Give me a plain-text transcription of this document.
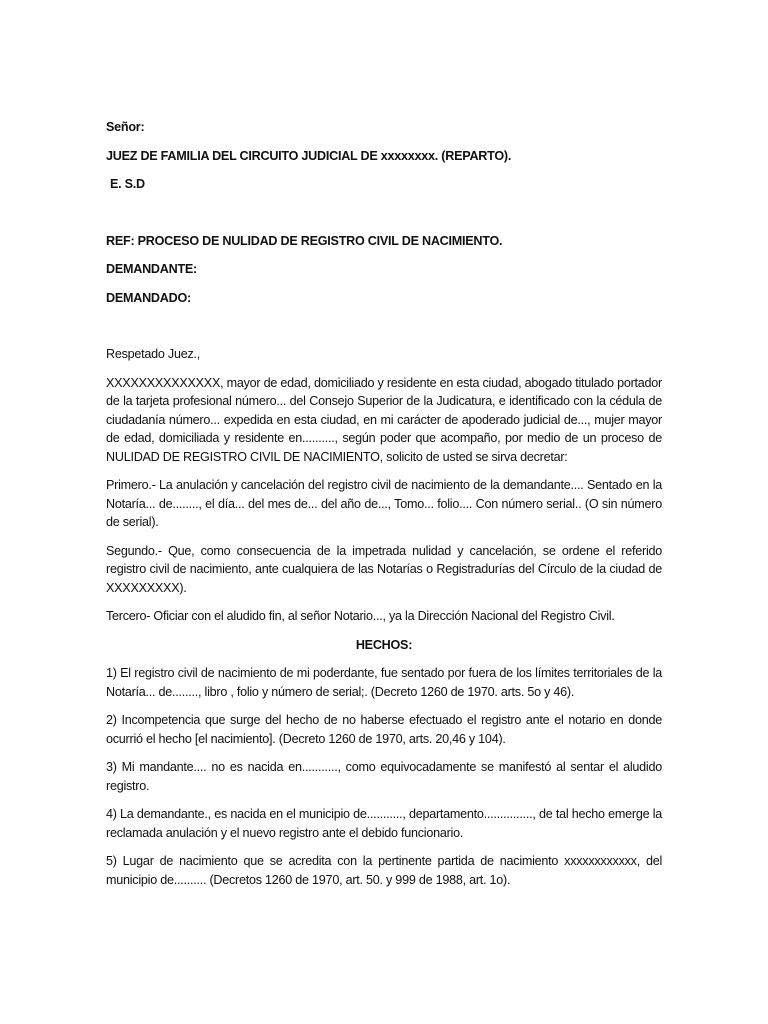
Señor:

JUEZ DE FAMILIA DEL CIRCUITO JUDICIAL DE xxxxxxxx. (REPARTO).

E. S.D

REF: PROCESO DE NULIDAD DE REGISTRO CIVIL DE NACIMIENTO.

DEMANDANTE:

DEMANDADO:

Respetado Juez.,

XXXXXXXXXXXXXX, mayor de edad, domiciliado y residente en esta ciudad, abogado titulado portador de la tarjeta profesional número... del Consejo Superior de la Judicatura, e identificado con la cédula de ciudadanía número... expedida en esta ciudad, en mi carácter de apoderado judicial de..., mujer mayor de edad, domiciliada y residente en.........., según poder que acompaño, por medio de un proceso de NULIDAD DE REGISTRO CIVIL DE NACIMIENTO, solicito de usted se sirva decretar:

Primero.- La anulación y cancelación del registro civil de nacimiento de la demandante.... Sentado en la Notaría... de........, el día... del mes de... del año de..., Tomo... folio.... Con número serial.. (O sin número de serial).

Segundo.- Que, como consecuencia de la impetrada nulidad y cancelación, se ordene el referido registro civil de nacimiento, ante cualquiera de las Notarías o Registradurías del Círculo de la ciudad de XXXXXXXXX).

Tercero- Oficiar con el aludido fin, al señor Notario..., ya la Dirección Nacional del Registro Civil.

HECHOS:

1) El registro civil de nacimiento de mi poderdante, fue sentado por fuera de los límites territoriales de la Notaría... de........, libro , folio y número de serial;. (Decreto 1260 de 1970. arts. 5o y 46).

2) Incompetencia que surge del hecho de no haberse efectuado el registro ante el notario en donde ocurrió el hecho [el nacimiento]. (Decreto 1260 de 1970, arts. 20,46 y 104).

3) Mi mandante.... no es nacida en..........., como equivocadamente se manifestó al sentar el aludido registro.

4) La demandante., es nacida en el municipio de..........., departamento..............., de tal hecho emerge la reclamada anulación y el nuevo registro ante el debido funcionario.

5) Lugar de nacimiento que se acredita con la pertinente partida de nacimiento xxxxxxxxxxxx, del municipio de.......... (Decretos 1260 de 1970, art. 50. y 999 de 1988, art. 1o).
